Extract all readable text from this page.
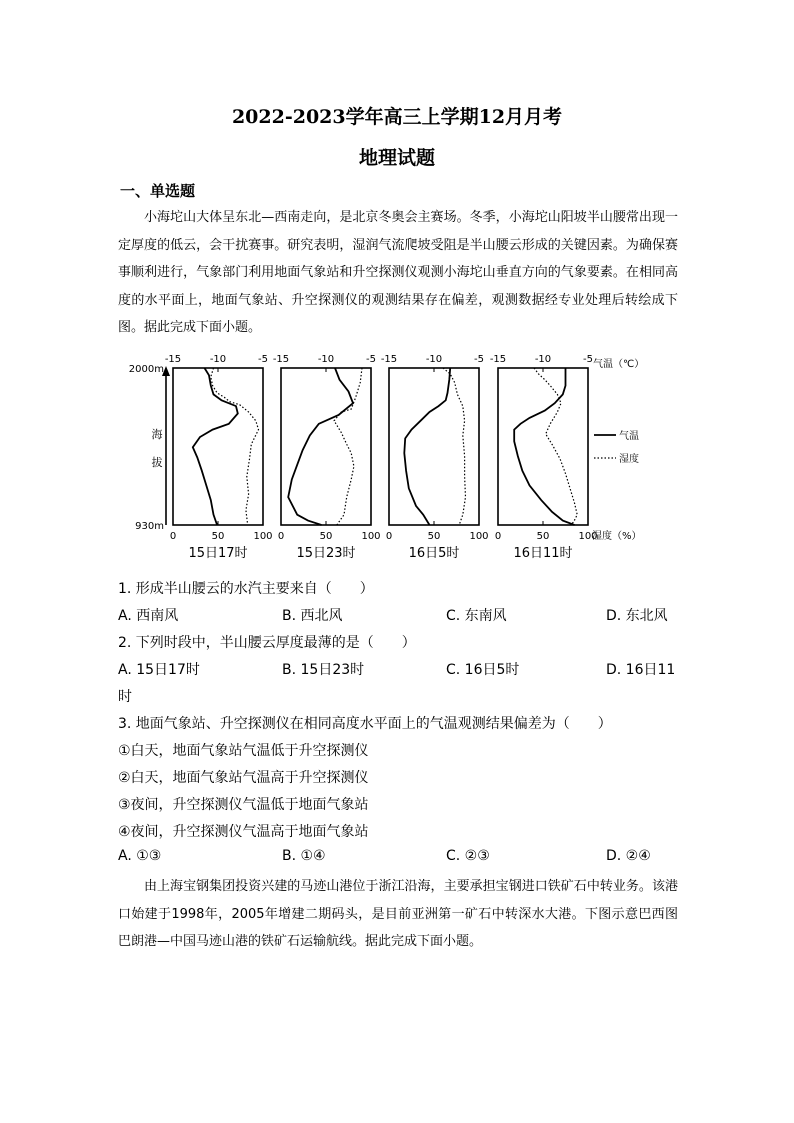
2022-2023学年高三上学期12月月考
地理试题
一、单选题

小海坨山大体呈东北—西南走向，是北京冬奥会主赛场。冬季，小海坨山阳坡半山腰常出现一定厚度的低云，会干扰赛事。研究表明，湿润气流爬坡受阻是半山腰云形成的关键因素。为确保赛事顺利进行，气象部门利用地面气象站和升空探测仪观测小海坨山垂直方向的气象要素。在相同高度的水平面上，地面气象站、升空探测仪的观测结果存在偏差，观测数据经专业处理后转绘成下图。据此完成下面小题。

2000m
930m
海
拔
-15	-10	-5
0	50	100
15日17时
-15	-10	-5
0	50	100
15日23时
-15	-10	-5
0	50	100
16日5时
-15	-10	-5
0	50	100
16日11时
气温（℃）
湿度（%）
气温
湿度
1. 形成半山腰云的水汽主要来自（　　）
A. 西南风	B. 西北风	C. 东南风	D. 东北风
2. 下列时段中，半山腰云厚度最薄的是（　　）
A. 15日17时	B. 15日23时	C. 16日5时	D. 16日11
时
3. 地面气象站、升空探测仪在相同高度水平面上的气温观测结果偏差为（　　）
①白天，地面气象站气温低于升空探测仪
②白天，地面气象站气温高于升空探测仪
③夜间，升空探测仪气温低于地面气象站
④夜间，升空探测仪气温高于地面气象站
A. ①③	B. ①④	C. ②③	D. ②④

由上海宝钢集团投资兴建的马迹山港位于浙江沿海，主要承担宝钢进口铁矿石中转业务。该港口始建于1998年，2005年增建二期码头，是目前亚洲第一矿石中转深水大港。下图示意巴西图巴朗港—中国马迹山港的铁矿石运输航线。据此完成下面小题。
